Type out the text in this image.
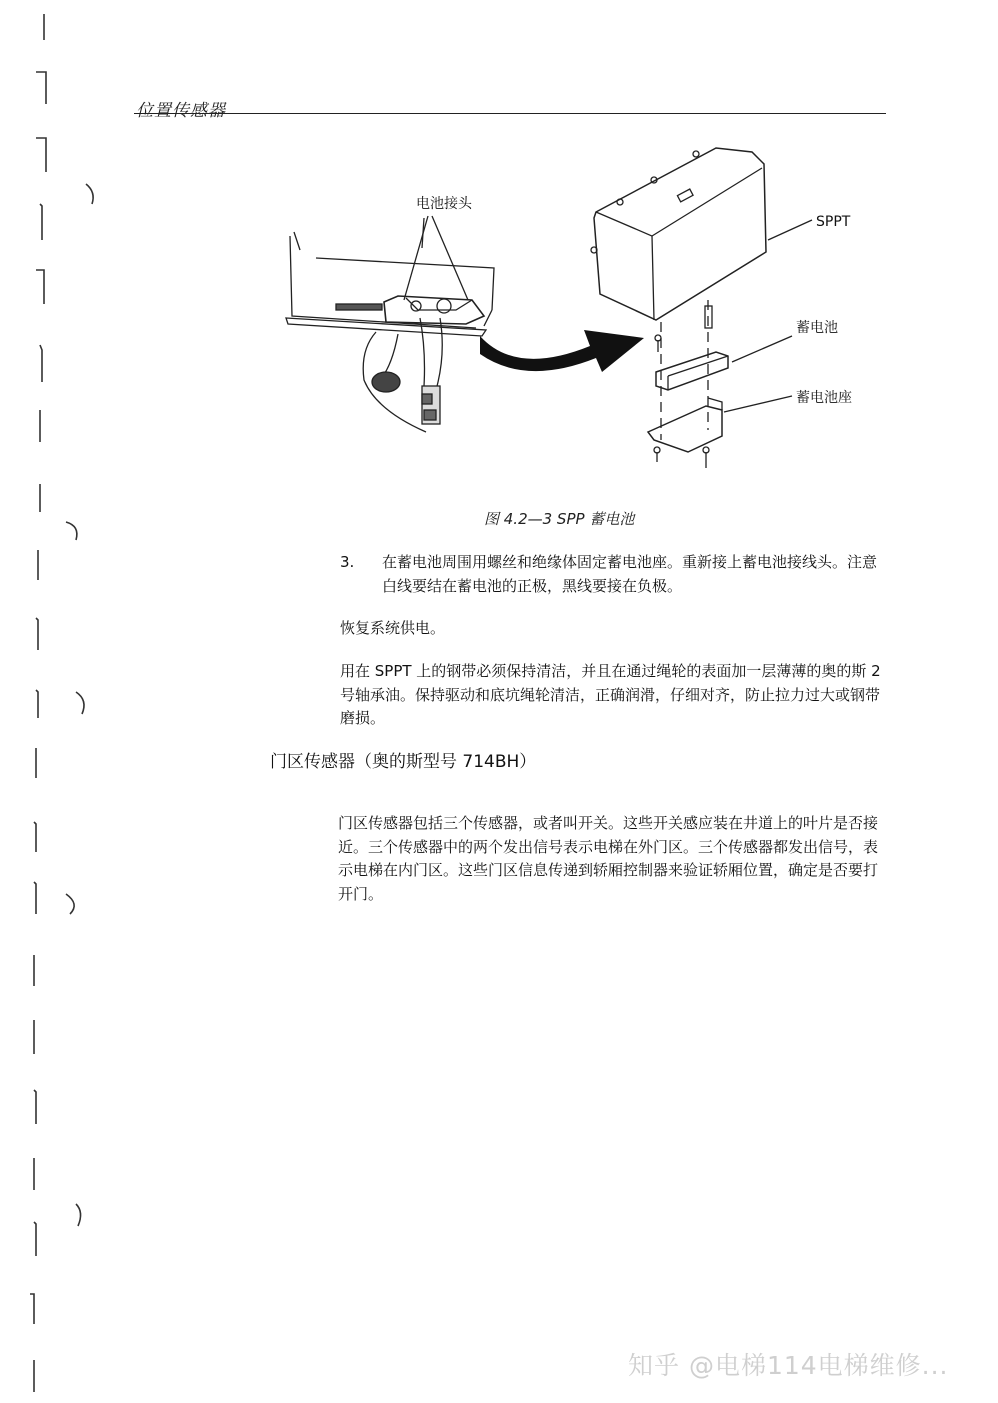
位置传感器
电池接头
SPPT
蓄电池
蓄电池座
图 4.2—3 SPP 蓄电池
3. 在蓄电池周围用螺丝和绝缘体固定蓄电池座。重新接上蓄电池接线头。注意白线要结在蓄电池的正极，黑线要接在负极。
恢复系统供电。
用在 SPPT 上的钢带必须保持清洁，并且在通过绳轮的表面加一层薄薄的奥的斯 2 号轴承油。保持驱动和底坑绳轮清洁，正确润滑，仔细对齐，防止拉力过大或钢带磨损。
门区传感器（奥的斯型号 714BH）
门区传感器包括三个传感器，或者叫开关。这些开关感应装在井道上的叶片是否接近。三个传感器中的两个发出信号表示电梯在外门区。三个传感器都发出信号，表示电梯在内门区。这些门区信息传递到轿厢控制器来验证轿厢位置，确定是否要打开门。
知乎 @电梯114电梯维修...
